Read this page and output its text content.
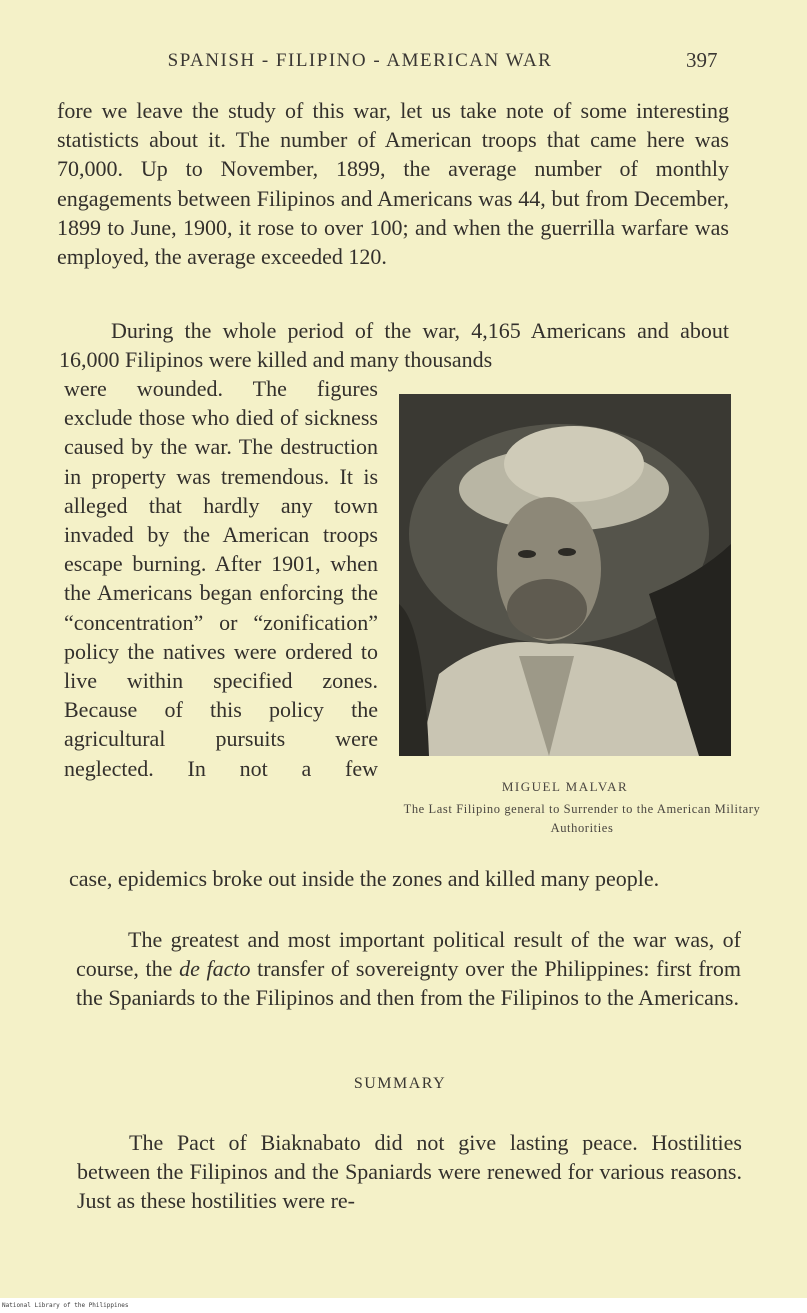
SPANISH - FILIPINO - AMERICAN WAR	397

fore we leave the study of this war, let us take note of some interesting statisticts about it. The number of American troops that came here was 70,000. Up to November, 1899, the average number of monthly engagements between Filipinos and Americans was 44, but from December, 1899 to June, 1900, it rose to over 100; and when the guerrilla warfare was employed, the average exceeded 120.

During the whole period of the war, 4,165 Americans and about 16,000 Filipinos were killed and many thousands

were wounded. The figures exclude those who died of sickness caused by the war. The destruction in property was tremendous. It is alleged that hardly any town invaded by the American troops escape burning. After 1901, when the Americans began enforcing the “concentration” or “zonification” policy the natives were ordered to live within specified zones. Because of this policy the agricultural pursuits were neglected. In not a few

MIGUEL MALVAR

The Last Filipino general to Surrender to the American Military Authorities

case, epidemics broke out inside the zones and killed many people.

The greatest and most important political result of the war was, of course, the de facto transfer of sovereignty over the Philippines: first from the Spaniards to the Filipinos and then from the Filipinos to the Americans.

SUMMARY

The Pact of Biaknabato did not give lasting peace. Hostilities between the Filipinos and the Spaniards were renewed for various reasons. Just as these hostilities were re-

National Library of the Philippines
